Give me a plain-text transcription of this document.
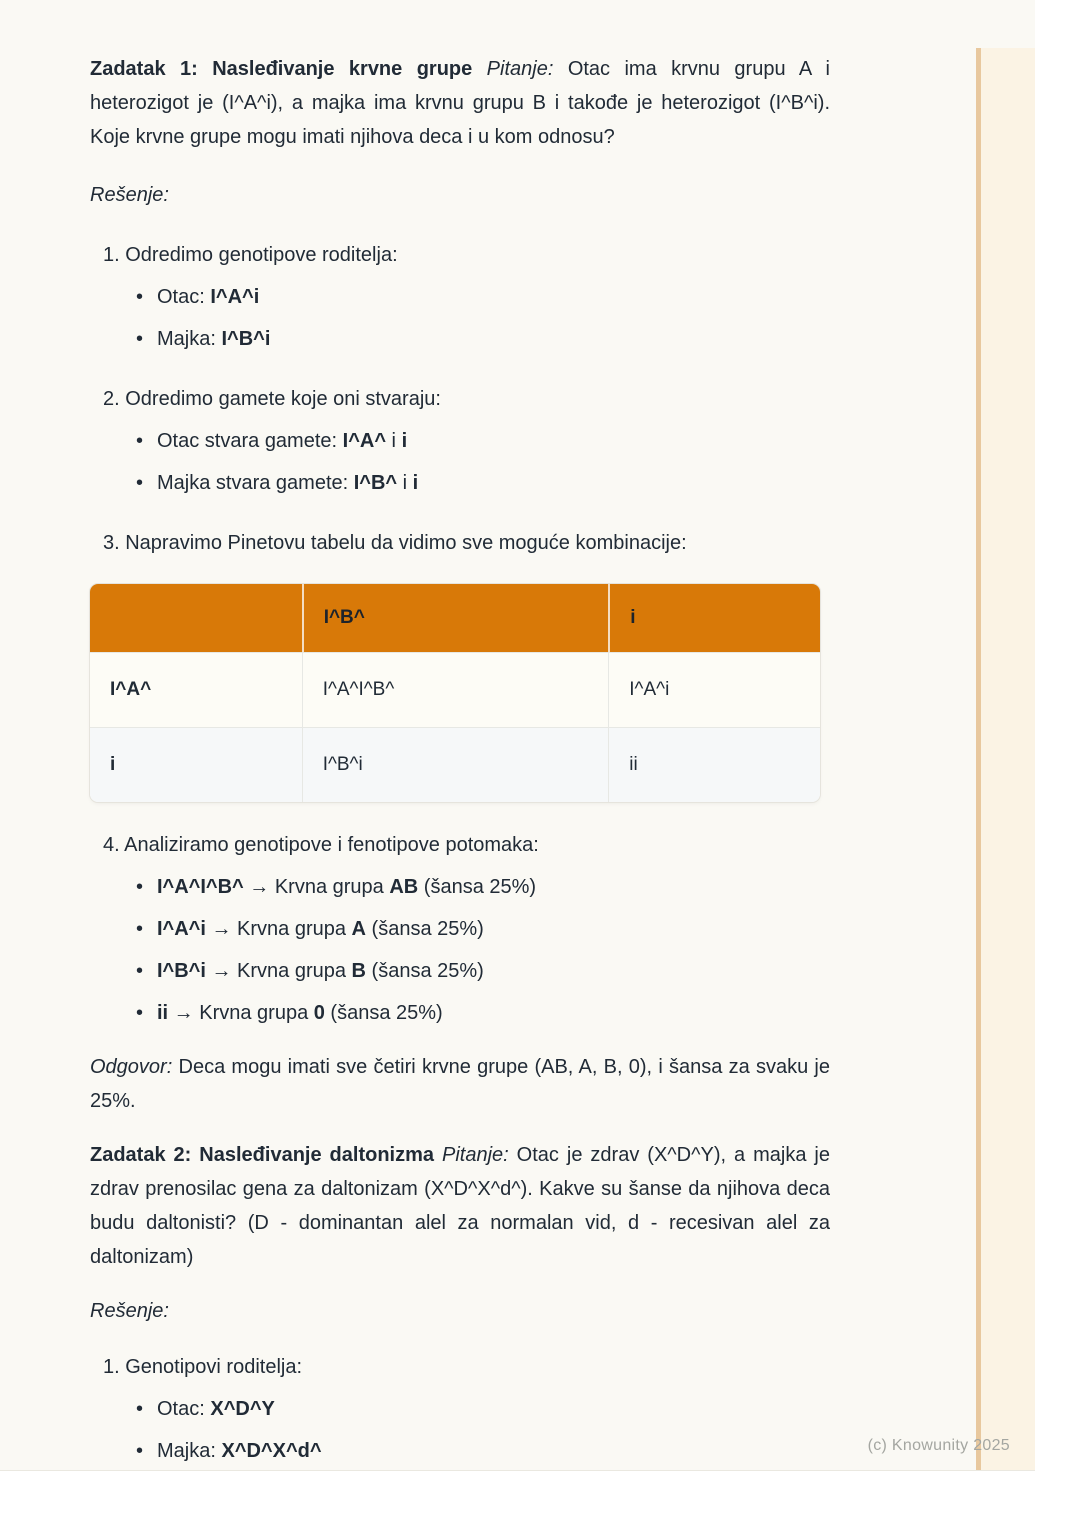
Zadatak 1: Nasleđivanje krvne grupe Pitanje: Otac ima krvnu grupu A i heterozigot je (I^A^i), a majka ima krvnu grupu B i takođe je heterozigot (I^B^i). Koje krvne grupe mogu imati njihova deca i u kom odnosu?

Rešenje:

1. Odredimo genotipove roditelja:
• Otac: I^A^i
• Majka: I^B^i
2. Odredimo gamete koje oni stvaraju:
• Otac stvara gamete: I^A^ i i
• Majka stvara gamete: I^B^ i i
3. Napravimo Pinetovu tabelu da vidimo sve moguće kombinacije:
	I^B^	i
I^A^	I^A^I^B^	I^A^i
i	I^B^i	ii
4. Analiziramo genotipove i fenotipove potomaka:
• I^A^I^B^ → Krvna grupa AB (šansa 25%)
• I^A^i → Krvna grupa A (šansa 25%)
• I^B^i → Krvna grupa B (šansa 25%)
• ii → Krvna grupa 0 (šansa 25%)

Odgovor: Deca mogu imati sve četiri krvne grupe (AB, A, B, 0), i šansa za svaku je 25%.

Zadatak 2: Nasleđivanje daltonizma Pitanje: Otac je zdrav (X^D^Y), a majka je zdrav prenosilac gena za daltonizam (X^D^X^d^). Kakve su šanse da njihova deca budu daltonisti? (D - dominantan alel za normalan vid, d - recesivan alel za daltonizam)

Rešenje:

1. Genotipovi roditelja:
• Otac: X^D^Y
• Majka: X^D^X^d^	(c) Knowunity 2025
